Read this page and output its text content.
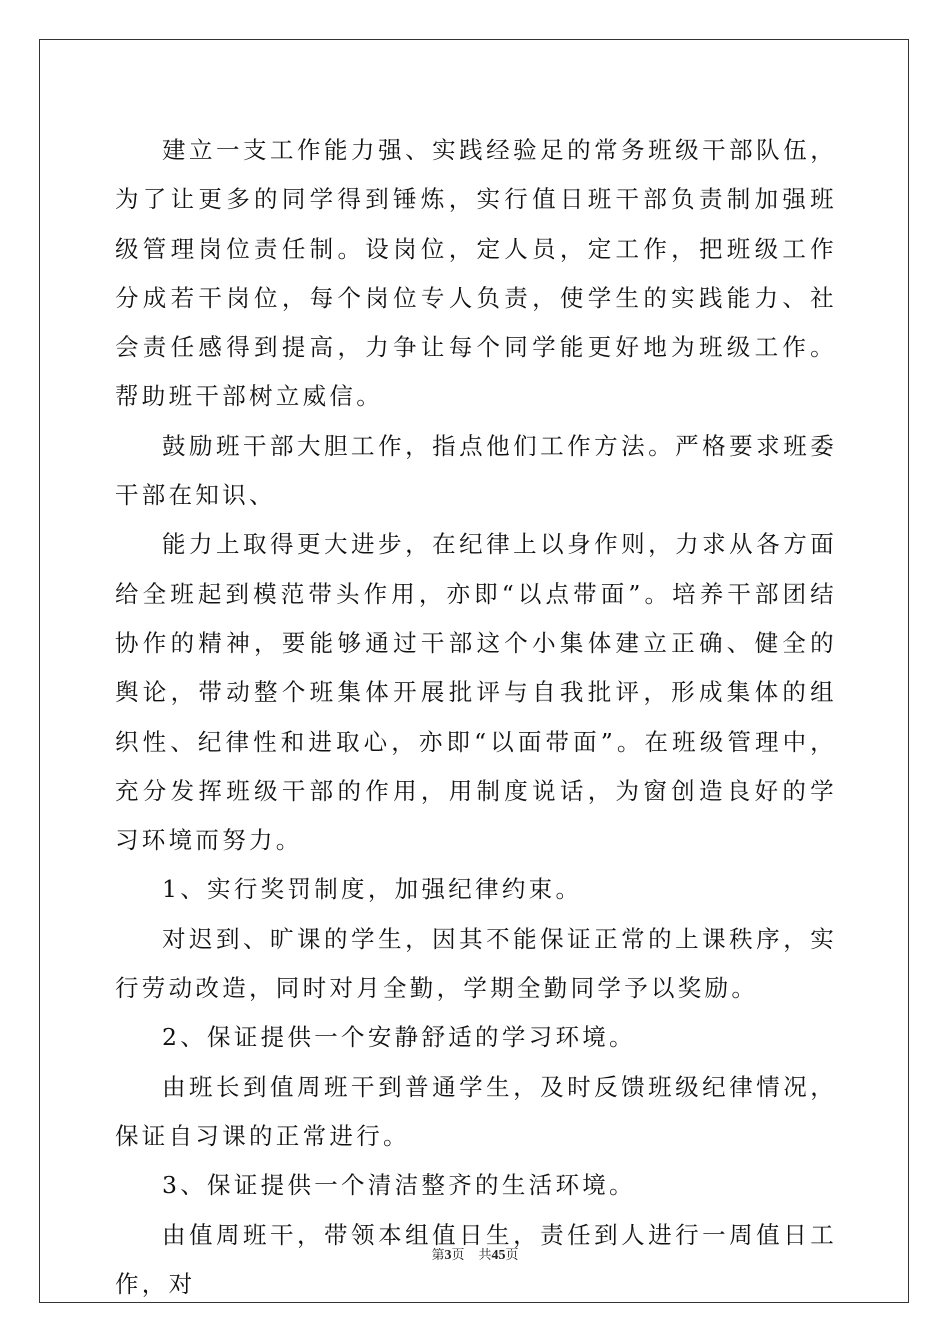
建立一支工作能力强、实践经验足的常务班级干部队伍，为了让更多的同学得到锤炼，实行值日班干部负责制加强班级管理岗位责任制。设岗位，定人员，定工作，把班级工作分成若干岗位，每个岗位专人负责，使学生的实践能力、社会责任感得到提高，力争让每个同学能更好地为班级工作。帮助班干部树立威信。

鼓励班干部大胆工作，指点他们工作方法。严格要求班委干部在知识、

能力上取得更大进步，在纪律上以身作则，力求从各方面给全班起到模范带头作用，亦即“以点带面”。培养干部团结协作的精神，要能够通过干部这个小集体建立正确、健全的舆论，带动整个班集体开展批评与自我批评，形成集体的组织性、纪律性和进取心，亦即“以面带面”。在班级管理中，充分发挥班级干部的作用，用制度说话，为窗创造良好的学习环境而努力。

1、实行奖罚制度，加强纪律约束。

对迟到、旷课的学生，因其不能保证正常的上课秩序，实行劳动改造，同时对月全勤，学期全勤同学予以奖励。

2、保证提供一个安静舒适的学习环境。

由班长到值周班干到普通学生，及时反馈班级纪律情况，保证自习课的正常进行。

3、保证提供一个清洁整齐的生活环境。

由值周班干，带领本组值日生，责任到人进行一周值日工作，对

第3页 共45页
